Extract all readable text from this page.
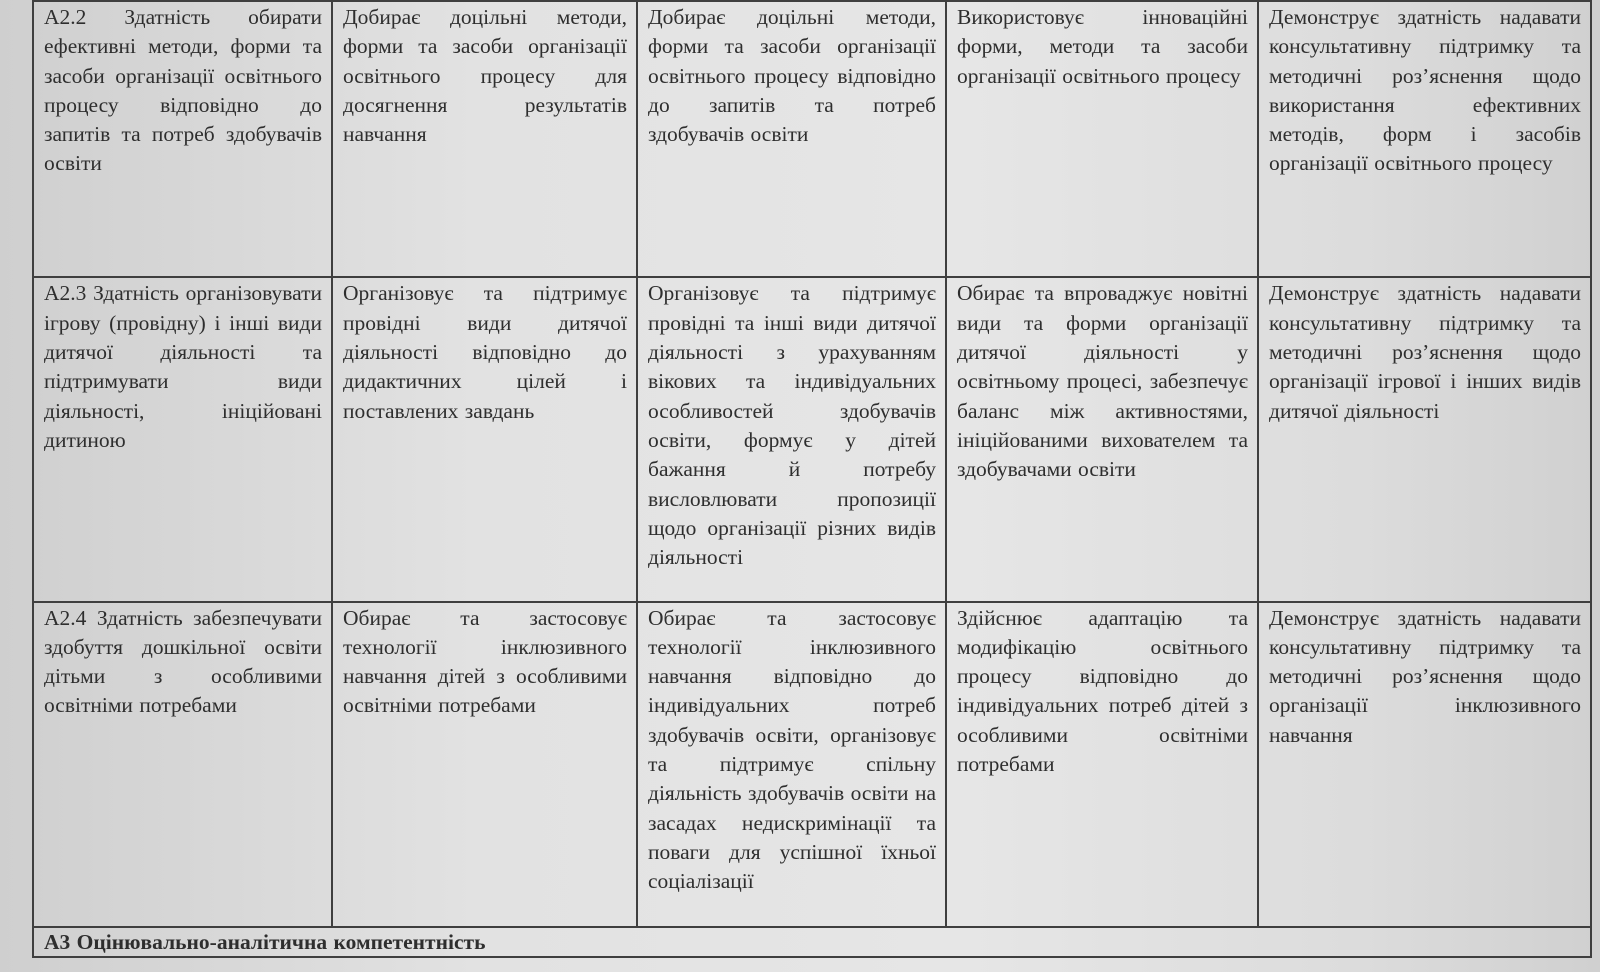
А2.2 Здатність обирати ефективні методи, форми та засоби організації освітнього процесу відповідно до запитів та потреб здобувачів освіти	Добирає доцільні методи, форми та засоби організації освітнього процесу для досягнення результатів навчання	Добирає доцільні методи, форми та засоби організації освітнього процесу відповідно до запитів та потреб здобувачів освіти	Використовує інноваційні форми, методи та засоби організації освітнього процесу	Демонструє здатність надавати консультативну підтримку та методичні роз’яснення щодо використання ефективних методів, форм і засобів організації освітнього процесу

А2.3 Здатність організовувати ігрову (провідну) і інші види дитячої діяльності та підтримувати види діяльності, ініційовані дитиною	Організовує та підтримує провідні види дитячої діяльності відповідно до дидактичних цілей і поставлених завдань	Організовує та підтримує провідні та інші види дитячої діяльності з урахуванням вікових та індивідуальних особливостей здобувачів освіти, формує у дітей бажання й потребу висловлювати пропозиції щодо організації різних видів діяльності	Обирає та впроваджує новітні види та форми організації дитячої діяльності у освітньому процесі, забезпечує баланс між активностями, ініційованими вихователем та здобувачами освіти	Демонструє здатність надавати консультативну підтримку та методичні роз’яснення щодо організації ігрової і інших видів дитячої діяльності

А2.4 Здатність забезпечувати здобуття дошкільної освіти дітьми з особливими освітніми потребами	Обирає та застосовує технології інклюзивного навчання дітей з особливими освітніми потребами	Обирає та застосовує технології інклюзивного навчання відповідно до індивідуальних потреб здобувачів освіти, організовує та підтримує спільну діяльність здобувачів освіти на засадах недискримінації та поваги для успішної їхньої соціалізації	Здійснює адаптацію та модифікацію освітнього процесу відповідно до індивідуальних потреб дітей з особливими освітніми потребами	Демонструє здатність надавати консультативну підтримку та методичні роз’яснення щодо організації інклюзивного навчання

А3 Оцінювально-аналітична компетентність				
